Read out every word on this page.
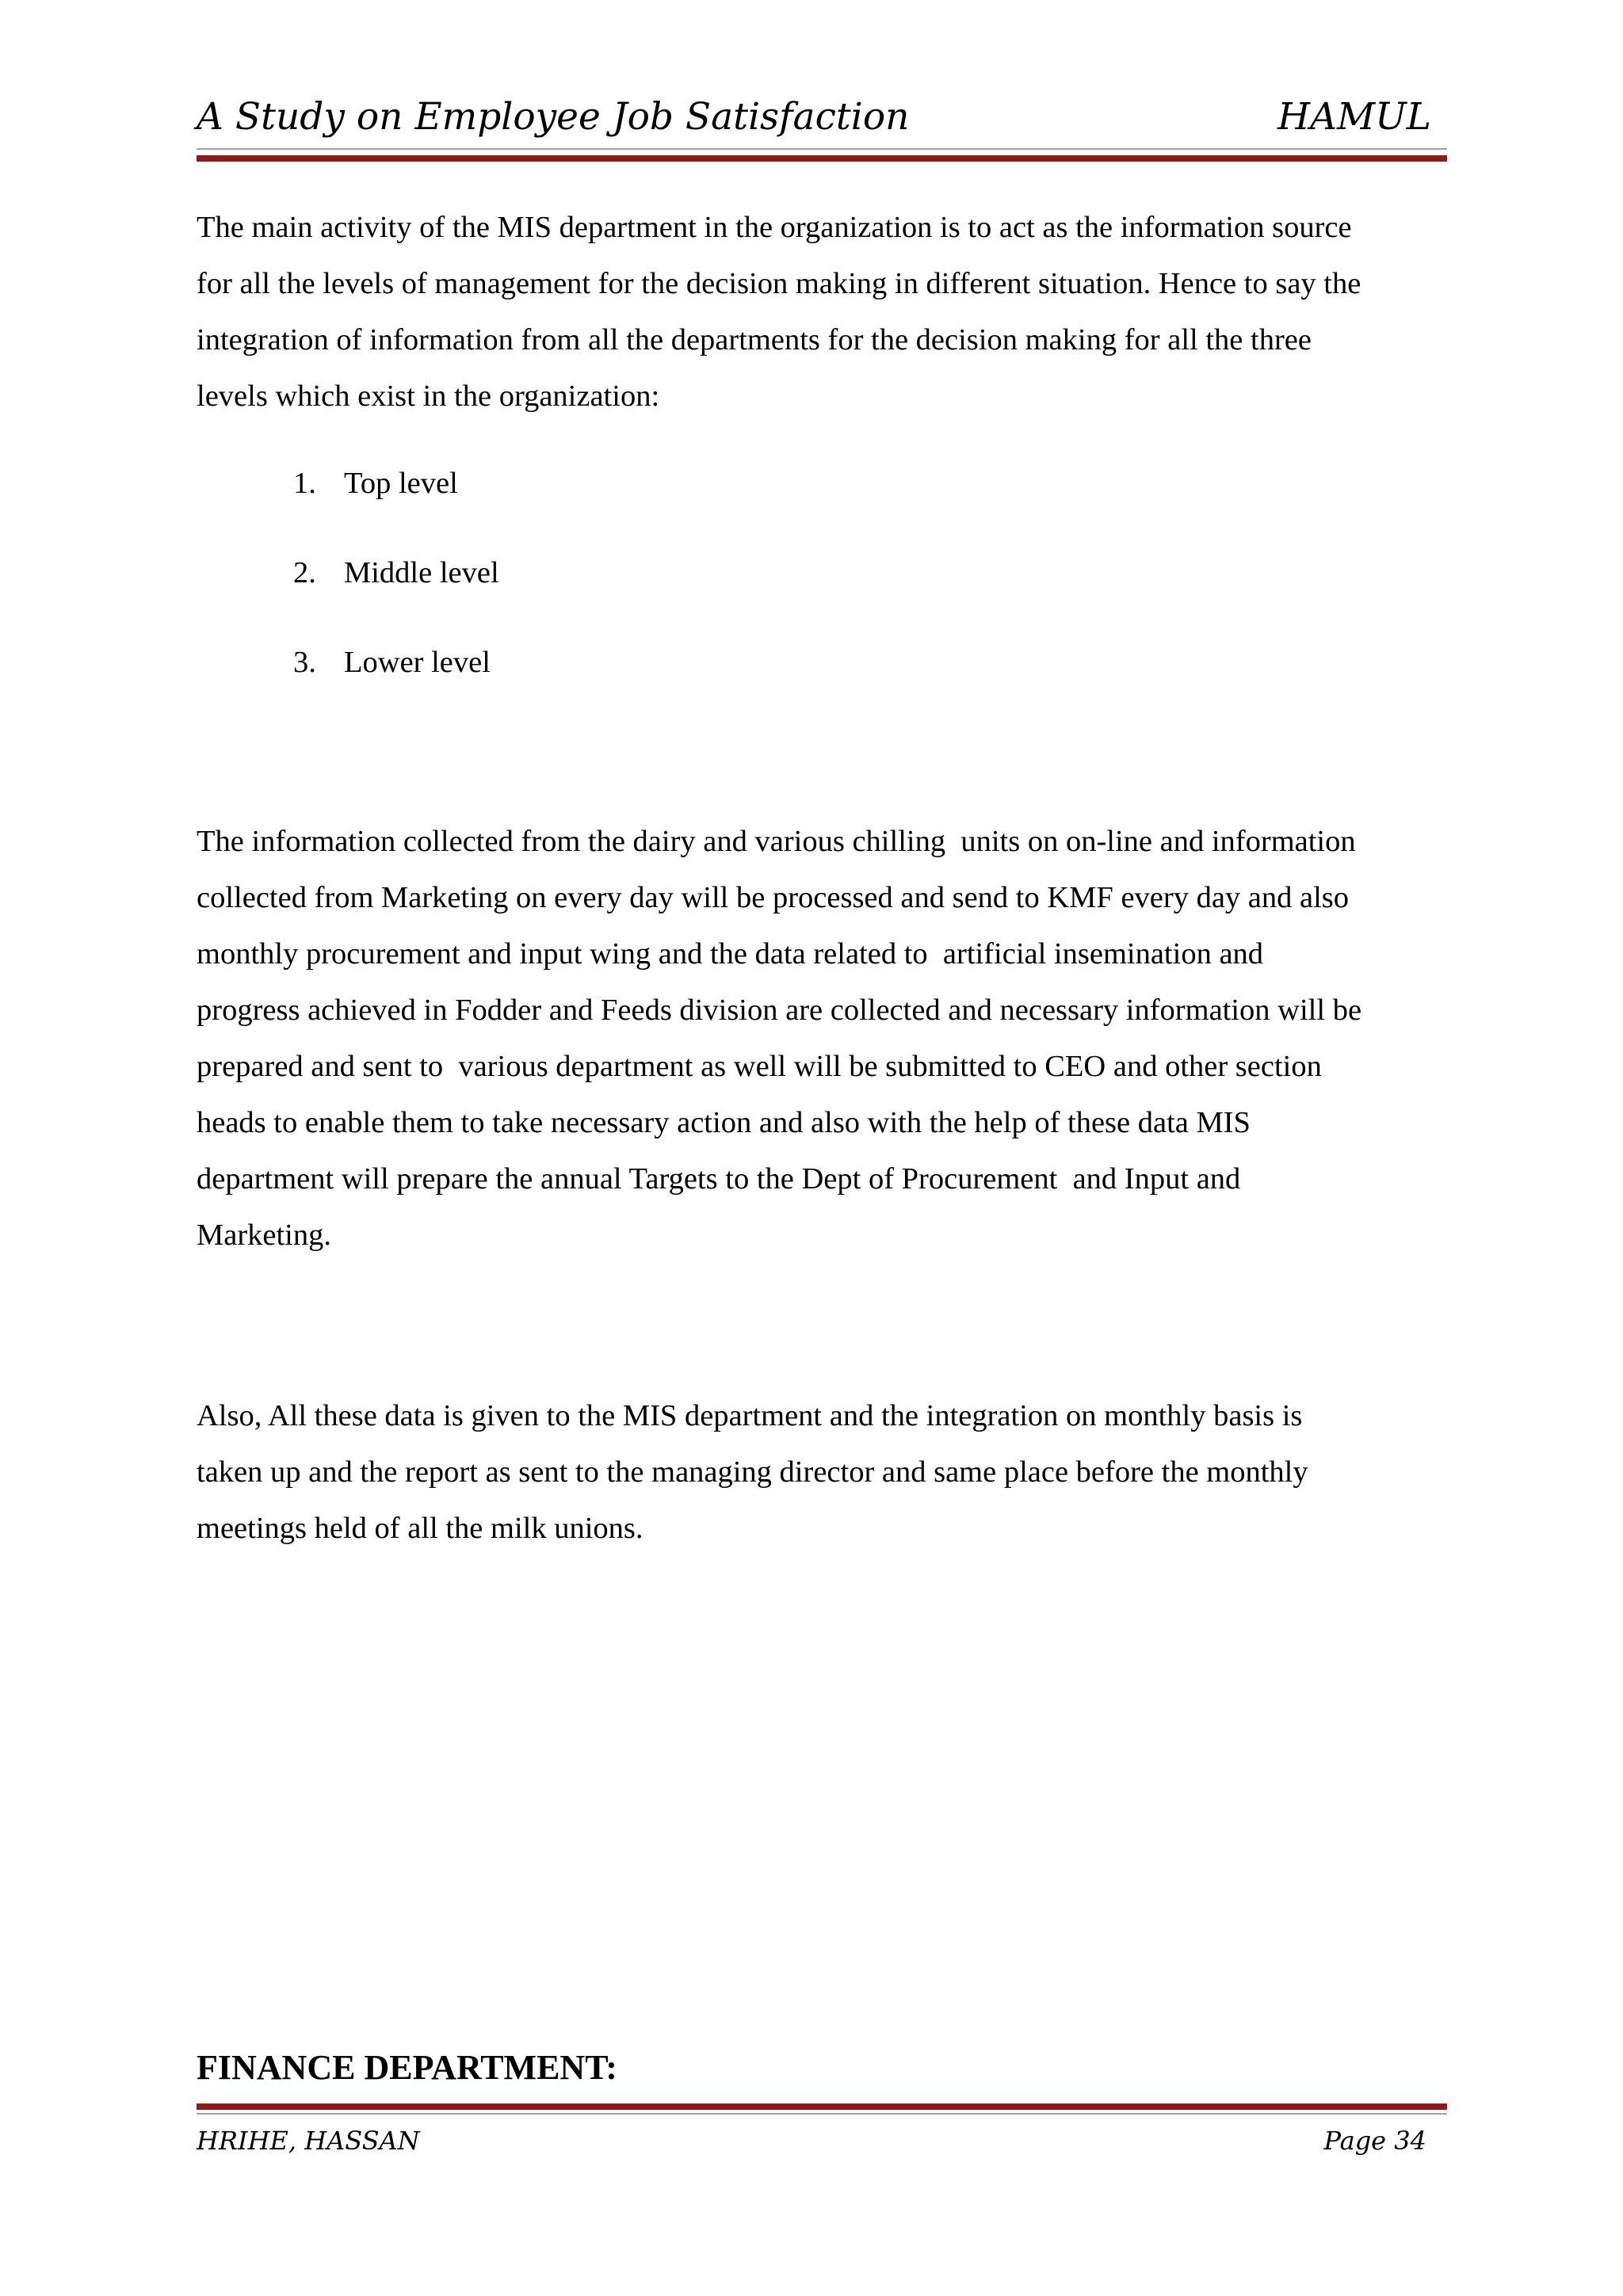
A Study on Employee Job Satisfaction	HAMUL
The main activity of the MIS department in the organization is to act as the information source
for all the levels of management for the decision making in different situation. Hence to say the
integration of information from all the departments for the decision making for all the three
levels which exist in the organization:
1. Top level
2. Middle level
3. Lower level
The information collected from the dairy and various chilling  units on on-line and information
collected from Marketing on every day will be processed and send to KMF every day and also
monthly procurement and input wing and the data related to  artificial insemination and
progress achieved in Fodder and Feeds division are collected and necessary information will be
prepared and sent to  various department as well will be submitted to CEO and other section
heads to enable them to take necessary action and also with the help of these data MIS
department will prepare the annual Targets to the Dept of Procurement  and Input and
Marketing.
Also, All these data is given to the MIS department and the integration on monthly basis is
taken up and the report as sent to the managing director and same place before the monthly
meetings held of all the milk unions.
FINANCE DEPARTMENT:
HRIHE, HASSAN	Page 34
